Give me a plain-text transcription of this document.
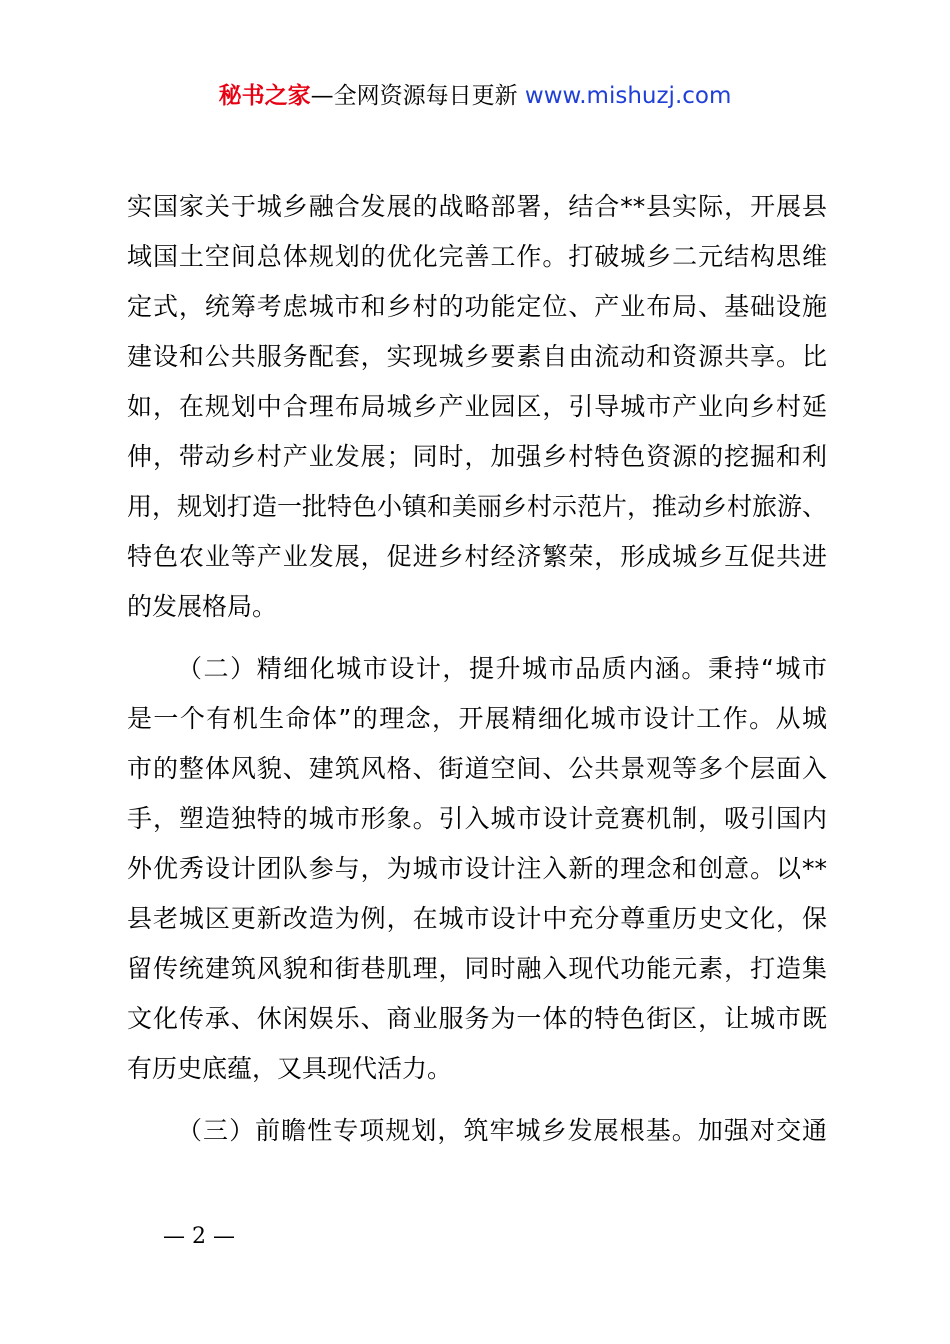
秘书之家—全网资源每日更新 www.mishuzj.com
实国家关于城乡融合发展的战略部署，结合**县实际，开展县
域国土空间总体规划的优化完善工作。打破城乡二元结构思维
定式，统筹考虑城市和乡村的功能定位、产业布局、基础设施
建设和公共服务配套，实现城乡要素自由流动和资源共享。比
如，在规划中合理布局城乡产业园区，引导城市产业向乡村延
伸，带动乡村产业发展；同时，加强乡村特色资源的挖掘和利
用，规划打造一批特色小镇和美丽乡村示范片，推动乡村旅游、
特色农业等产业发展，促进乡村经济繁荣，形成城乡互促共进
的发展格局。
（二）精细化城市设计，提升城市品质内涵。秉持“城市
是一个有机生命体”的理念，开展精细化城市设计工作。从城
市的整体风貌、建筑风格、街道空间、公共景观等多个层面入
手，塑造独特的城市形象。引入城市设计竞赛机制，吸引国内
外优秀设计团队参与，为城市设计注入新的理念和创意。以**
县老城区更新改造为例，在城市设计中充分尊重历史文化，保
留传统建筑风貌和街巷肌理，同时融入现代功能元素，打造集
文化传承、休闲娱乐、商业服务为一体的特色街区，让城市既
有历史底蕴，又具现代活力。
（三）前瞻性专项规划，筑牢城乡发展根基。加强对交通
— 2 —
